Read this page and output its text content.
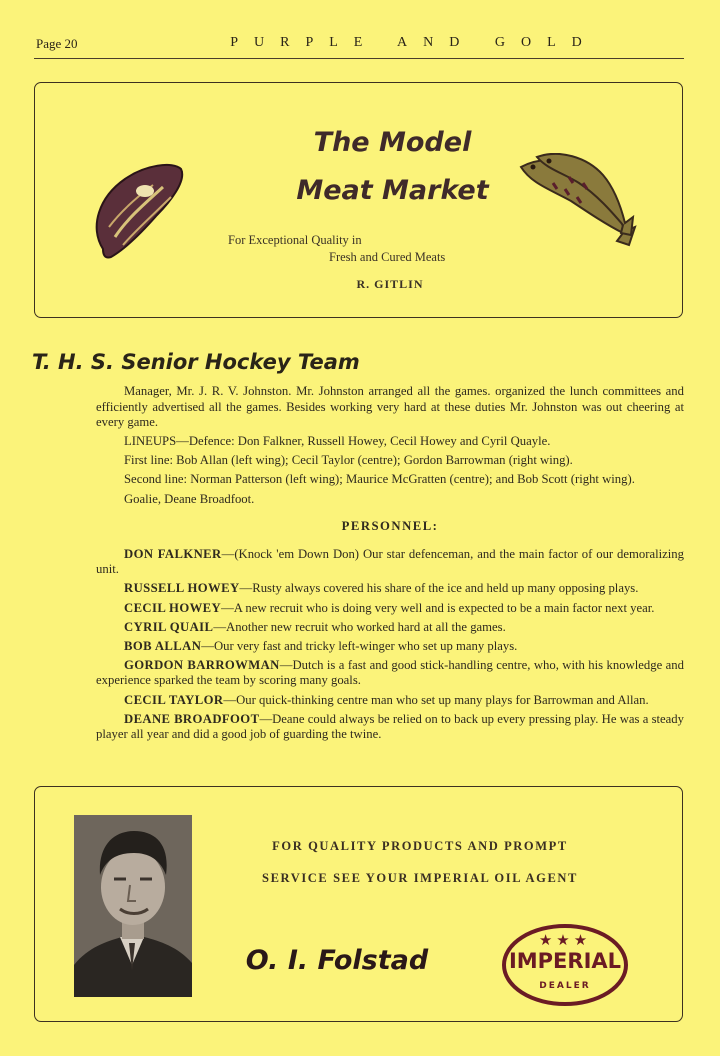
Page 20	PURPLE AND GOLD
The Model
Meat Market
For Exceptional Quality in
Fresh and Cured Meats
R. GITLIN
T. H. S. Senior Hockey Team

Manager, Mr. J. R. V. Johnston. Mr. Johnston arranged all the games. organized the lunch committees and efficiently advertised all the games. Besides working very hard at these duties Mr. Johnston was out cheering at every game.

LINEUPS—Defence: Don Falkner, Russell Howey, Cecil Howey and Cyril Quayle.

First line: Bob Allan (left wing); Cecil Taylor (centre); Gordon Barrowman (right wing).

Second line: Norman Patterson (left wing); Maurice McGratten (centre); and Bob Scott (right wing).

Goalie, Deane Broadfoot.

PERSONNEL:

DON FALKNER—(Knock 'em Down Don) Our star defenceman, and the main factor of our demoralizing unit.

RUSSELL HOWEY—Rusty always covered his share of the ice and held up many opposing plays.

CECIL HOWEY—A new recruit who is doing very well and is expected to be a main factor next year.

CYRIL QUAIL—Another new recruit who worked hard at all the games.

BOB ALLAN—Our very fast and tricky left-winger who set up many plays.

GORDON BARROWMAN—Dutch is a fast and good stick-handling centre, who, with his knowledge and experience sparked the team by scoring many goals.

CECIL TAYLOR—Our quick-thinking centre man who set up many plays for Barrowman and Allan.

DEANE BROADFOOT—Deane could always be relied on to back up every pressing play. He was a steady player all year and did a good job of guarding the twine.

FOR QUALITY PRODUCTS AND PROMPT
SERVICE SEE YOUR IMPERIAL OIL AGENT
O. I. Folstad
★★★
IMPERIAL
DEALER
